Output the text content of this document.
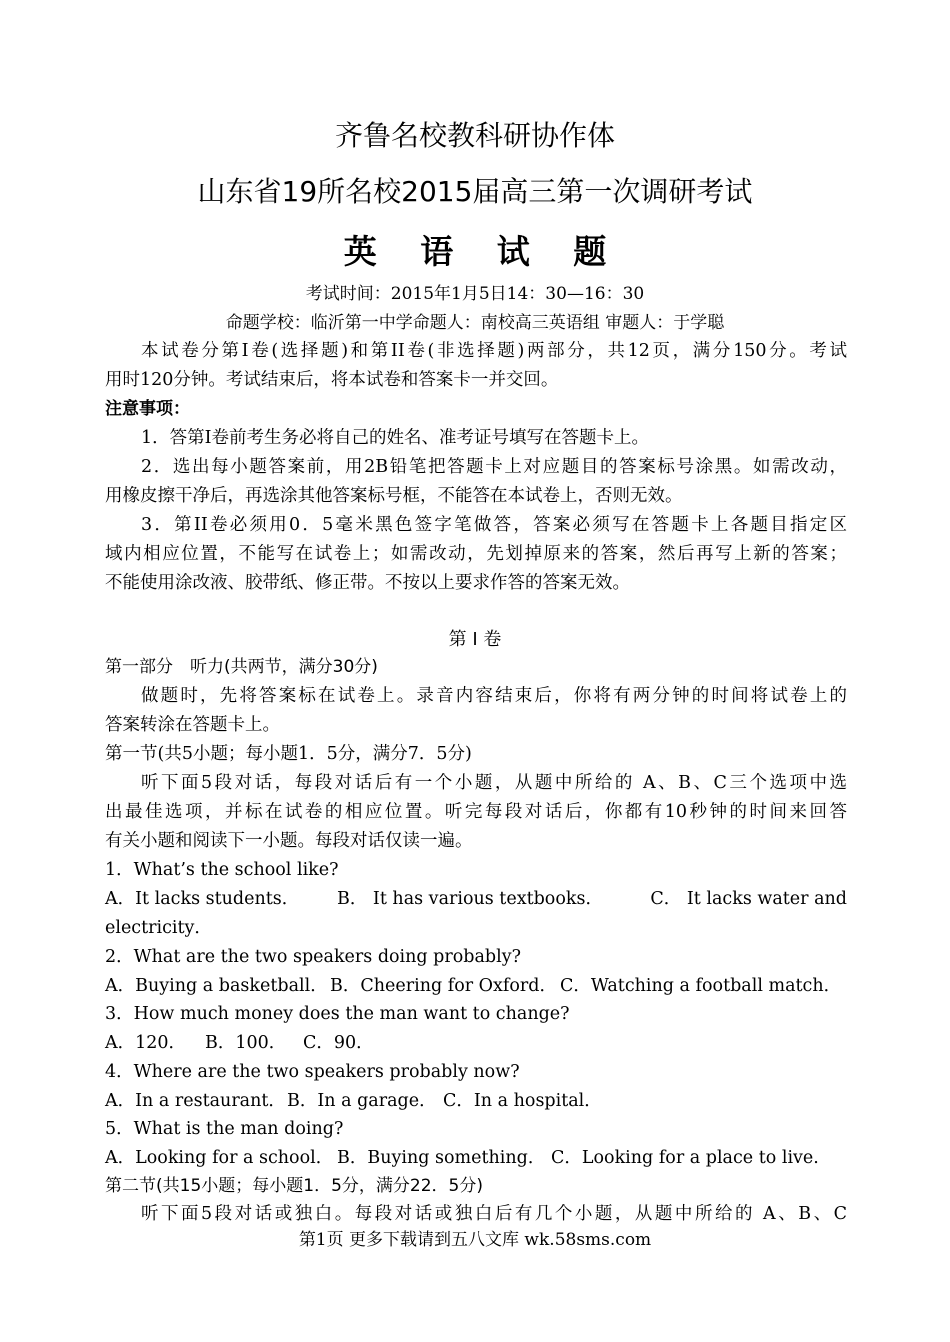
齐鲁名校教科研协作体
山东省19所名校2015届高三第一次调研考试
英 语 试 题
考试时间：2015年1月5日14：30—16：30
命题学校：临沂第一中学命题人：南校高三英语组 审题人：于学聪
本试卷分第I卷(选择题)和第II卷(非选择题)两部分，共12页，满分150分。考试
用时120分钟。考试结束后，将本试卷和答案卡一并交回。
注意事项：
1．答第I卷前考生务必将自己的姓名、准考证号填写在答题卡上。
2．选出每小题答案前，用2B铅笔把答题卡上对应题目的答案标号涂黑。如需改动，
用橡皮擦干净后，再选涂其他答案标号框，不能答在本试卷上，否则无效。
3．第II卷必须用0．5毫米黑色签字笔做答，答案必须写在答题卡上各题目指定区
域内相应位置，不能写在试卷上；如需改动，先划掉原来的答案，然后再写上新的答案；
不能使用涂改液、胶带纸、修正带。不按以上要求作答的答案无效。
第 I 卷
第一部分　听力(共两节，满分30分)
做题时，先将答案标在试卷上。录音内容结束后，你将有两分钟的时间将试卷上的
答案转涂在答题卡上。
第一节(共5小题；每小题1．5分，满分7．5分)
听下面5段对话，每段对话后有一个小题，从题中所给的 A、B、C三个选项中选
出最佳选项，并标在试卷的相应位置。听完每段对话后，你都有10秒钟的时间来回答
有关小题和阅读下一小题。每段对话仅读一遍。
1．What’s the school like?
A．It lacks students． B． It has various textbooks．	C． It lacks water and
electricity．
2．What are the two speakers doing probably?
A．Buying a basketball． B．Cheering for Oxford． C．Watching a football match．
3．How much money does the man want to change?
A．120． B．100． C．90．
4．Where are the two speakers probably now?
A．In a restaurant． B．In a garage． C．In a hospital．
5．What is the man doing?
A．Looking for a school． B．Buying something． C．Looking for a place to live.
第二节(共15小题；每小题1．5分，满分22．5分)
听下面5段对话或独白。每段对话或独白后有几个小题，从题中所给的 A、B、C
第1页 更多下载请到五八文库 wk.58sms.com
